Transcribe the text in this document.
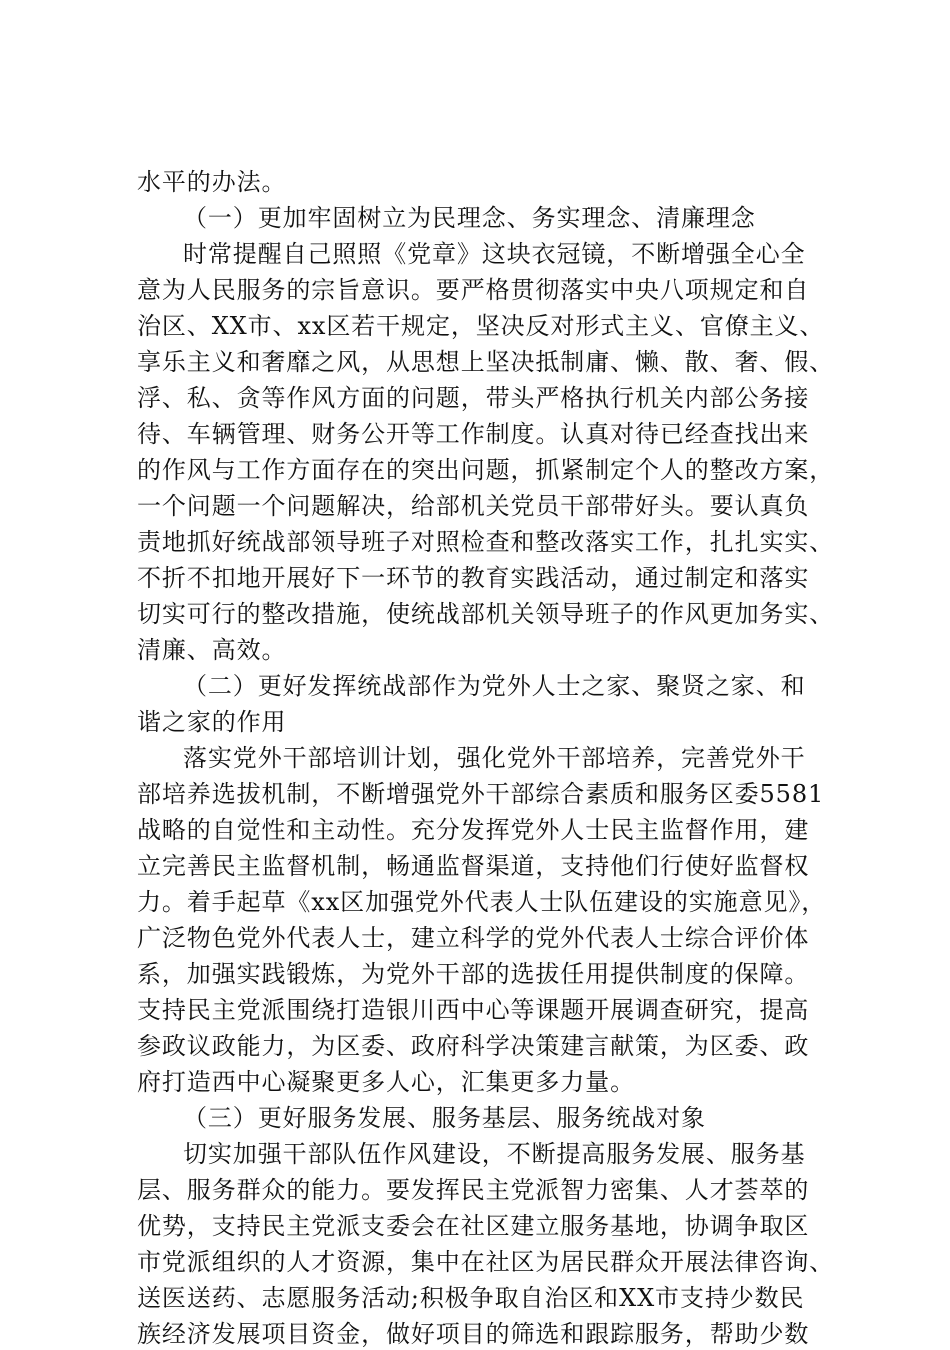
水平的办法。
（一）更加牢固树立为民理念、务实理念、清廉理念
时常提醒自己照照《党章》这块衣冠镜，不断增强全心全
意为人民服务的宗旨意识。要严格贯彻落实中央八项规定和自
治区、XX市、xx区若干规定，坚决反对形式主义、官僚主义、
享乐主义和奢靡之风，从思想上坚决抵制庸、懒、散、奢、假、
浮、私、贪等作风方面的问题，带头严格执行机关内部公务接
待、车辆管理、财务公开等工作制度。认真对待已经查找出来
的作风与工作方面存在的突出问题，抓紧制定个人的整改方案，
一个问题一个问题解决，给部机关党员干部带好头。要认真负
责地抓好统战部领导班子对照检查和整改落实工作，扎扎实实、
不折不扣地开展好下一环节的教育实践活动，通过制定和落实
切实可行的整改措施，使统战部机关领导班子的作风更加务实、
清廉、高效。
（二）更好发挥统战部作为党外人士之家、聚贤之家、和
谐之家的作用
落实党外干部培训计划，强化党外干部培养，完善党外干
部培养选拔机制，不断增强党外干部综合素质和服务区委5581
战略的自觉性和主动性。充分发挥党外人士民主监督作用，建
立完善民主监督机制，畅通监督渠道，支持他们行使好监督权
力。着手起草《xx区加强党外代表人士队伍建设的实施意见》，
广泛物色党外代表人士，建立科学的党外代表人士综合评价体
系，加强实践锻炼，为党外干部的选拔任用提供制度的保障。
支持民主党派围绕打造银川西中心等课题开展调查研究，提高
参政议政能力，为区委、政府科学决策建言献策，为区委、政
府打造西中心凝聚更多人心，汇集更多力量。
（三）更好服务发展、服务基层、服务统战对象
切实加强干部队伍作风建设，不断提高服务发展、服务基
层、服务群众的能力。要发挥民主党派智力密集、人才荟萃的
优势，支持民主党派支委会在社区建立服务基地，协调争取区
市党派组织的人才资源，集中在社区为居民群众开展法律咨询、
送医送药、志愿服务活动;积极争取自治区和XX市支持少数民
族经济发展项目资金，做好项目的筛选和跟踪服务，帮助少数
